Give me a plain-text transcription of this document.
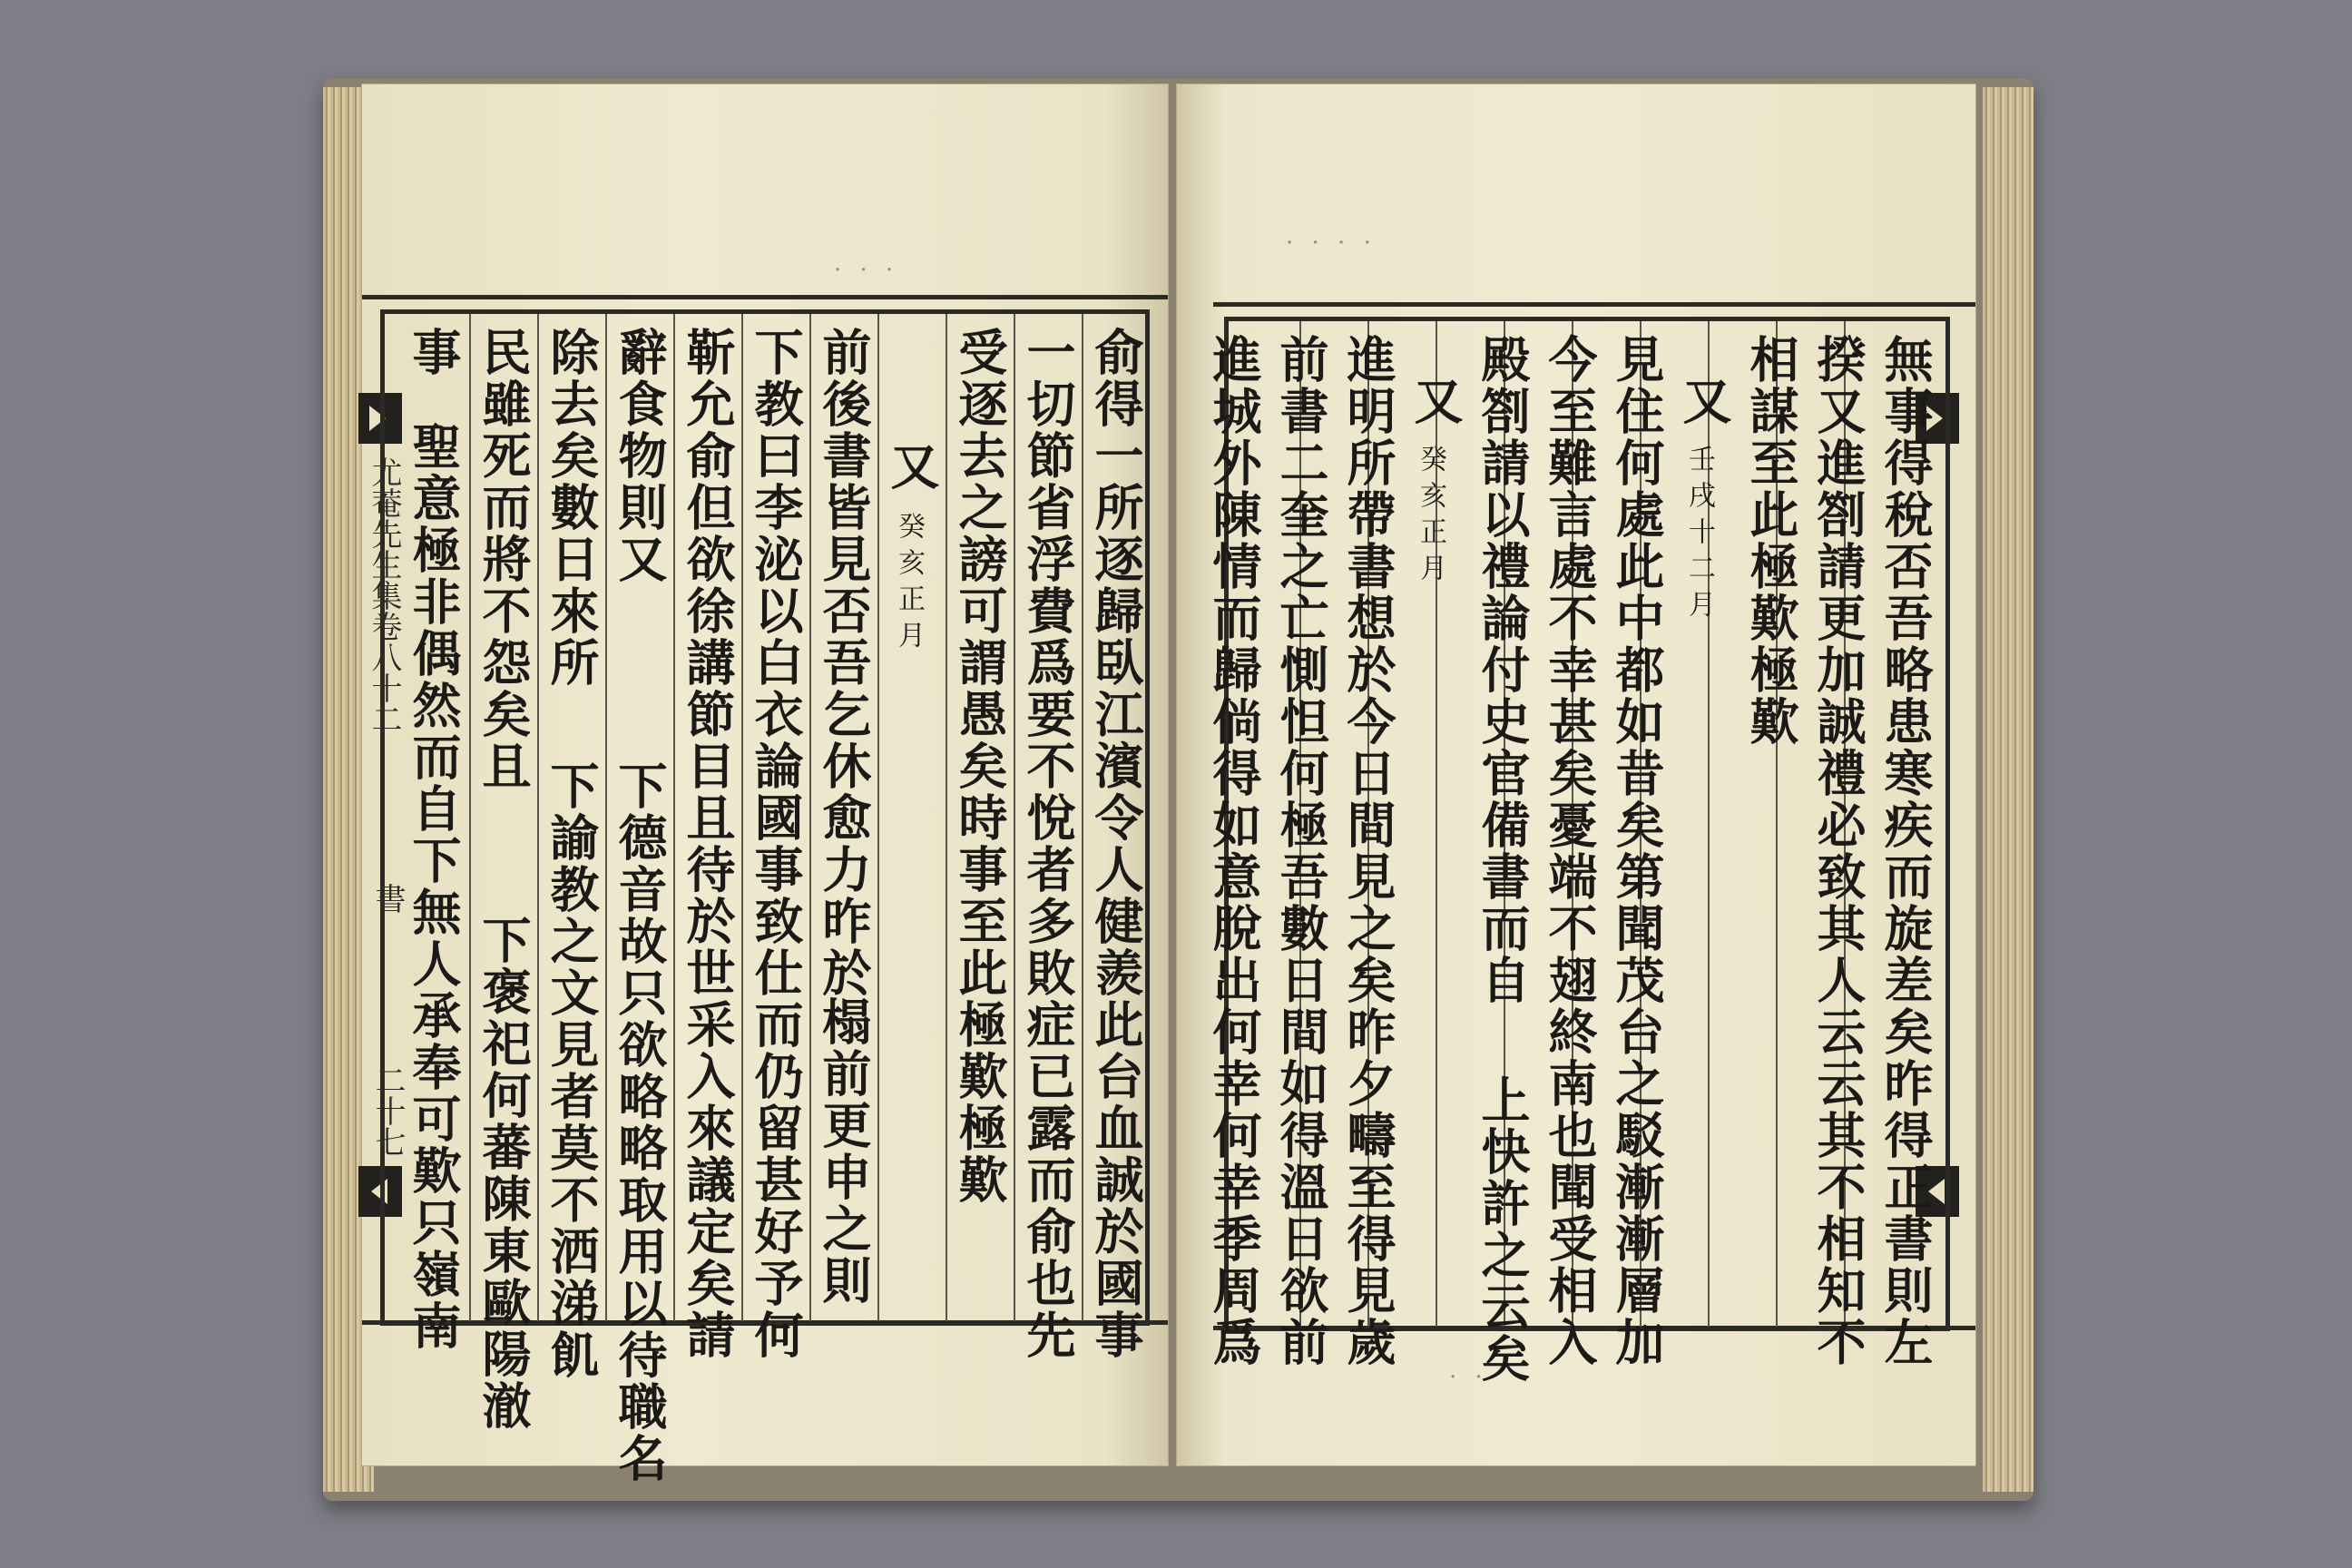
· · ·
尤菴先生集卷八十二
書
二十七	俞得一所逐歸臥江濱令人健羨此台血誠於國事
一切節省浮費爲要不悅者多敗症已露而俞也先
受逐去之謗可謂愚矣時事至此極歎極歎
又
癸亥正月
前後書皆見否吾乞休愈力昨於
榻前更申之則
下教曰李泌以白衣論國事致仕而仍留甚好予何
靳允俞但欲徐講節目且待於世采入來議定矣請
辭食物則又
下德音故只欲略略取用以待職名
除去矣數日來所
下諭教之文見者莫不洒涕飢
民雖死而將不怨矣且
下褒祀何蕃陳東歐陽澈
事
聖意極非偶然而自下無人承奉可歎只嶺南
· · · ·
· ·
無事得稅否吾略患寒疾而旋差矣昨得正書則左
揆又進劄請更加誠禮必致其人云云其不相知不
相謀至此極歎極歎
又
壬戌十二月
見住何處此中都如昔矣第聞茂台之駁漸漸層加
今至難言處不幸甚矣憂端不翅終南也聞受相入
殿劄請以禮論付史官備書而自
上快許之云矣
又
癸亥正月
進明所帶書想於今日間見之矣昨夕疇至得見歲
前書二奎之亡惻怛何極吾數日間如得溫日欲前
進城外陳情而歸倘得如意脫出何幸何幸季周爲
